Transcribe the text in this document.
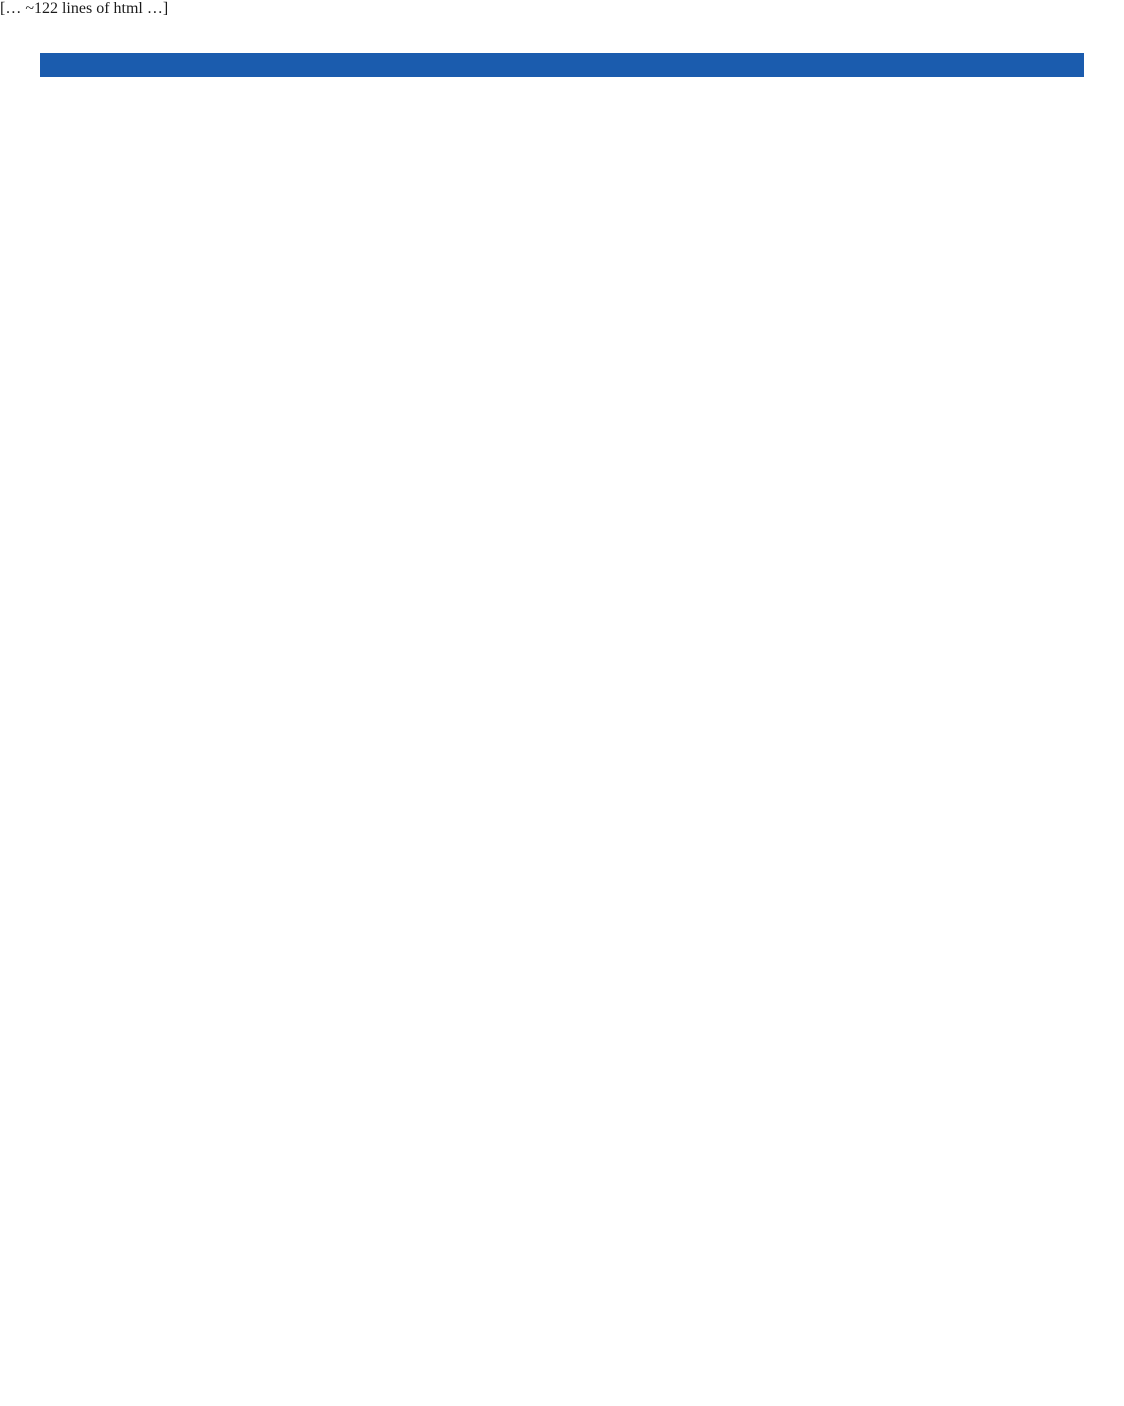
[… ~122 lines of html …]
